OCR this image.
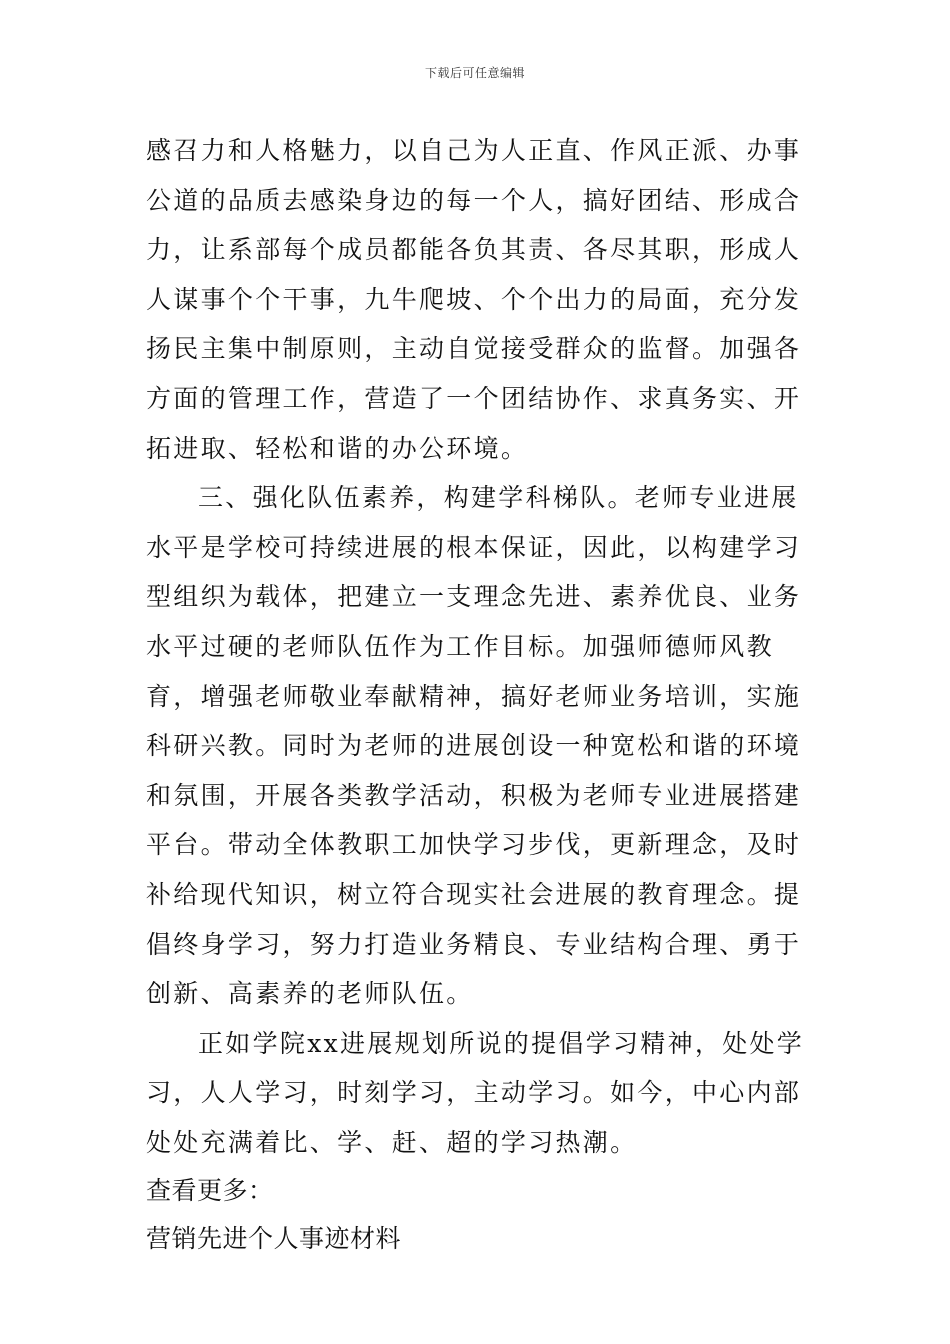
下载后可任意编辑

感召力和人格魅力，以自己为人正直、作风正派、办事公道的品质去感染身边的每一个人，搞好团结、形成合力，让系部每个成员都能各负其责、各尽其职，形成人人谋事个个干事，九牛爬坡、个个出力的局面，充分发扬民主集中制原则，主动自觉接受群众的监督。加强各方面的管理工作，营造了一个团结协作、求真务实、开拓进取、轻松和谐的办公环境。

三、强化队伍素养，构建学科梯队。老师专业进展水平是学校可持续进展的根本保证，因此，以构建学习型组织为载体，把建立一支理念先进、素养优良、业务水平过硬的老师队伍作为工作目标。加强师德师风教育，增强老师敬业奉献精神，搞好老师业务培训，实施科研兴教。同时为老师的进展创设一种宽松和谐的环境和氛围，开展各类教学活动，积极为老师专业进展搭建平台。带动全体教职工加快学习步伐，更新理念，及时补给现代知识，树立符合现实社会进展的教育理念。提倡终身学习，努力打造业务精良、专业结构合理、勇于创新、高素养的老师队伍。

正如学院xx进展规划所说的提倡学习精神，处处学习，人人学习，时刻学习，主动学习。如今，中心内部处处充满着比、学、赶、超的学习热潮。

查看更多：

营销先进个人事迹材料
